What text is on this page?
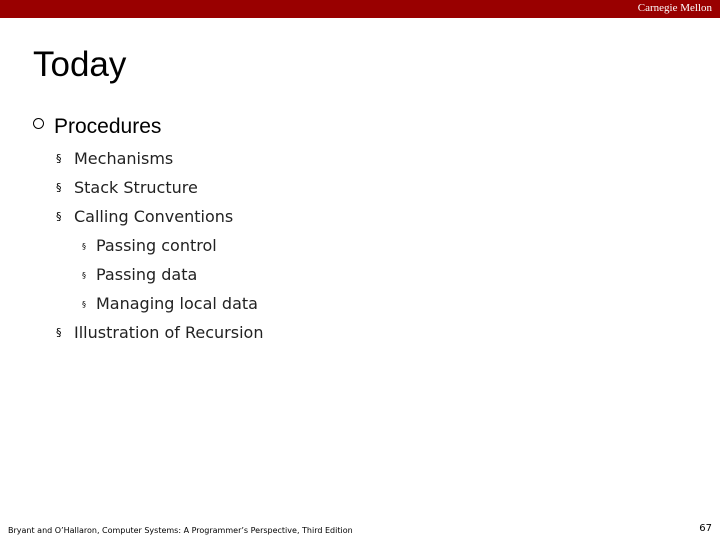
Carnegie Mellon
Today
Procedures
§ Mechanisms
§ Stack Structure
§ Calling Conventions
§ Passing control
§ Passing data
§ Managing local data
§ Illustration of Recursion
Bryant and O’Hallaron, Computer Systems: A Programmer’s Perspective, Third Edition	67
